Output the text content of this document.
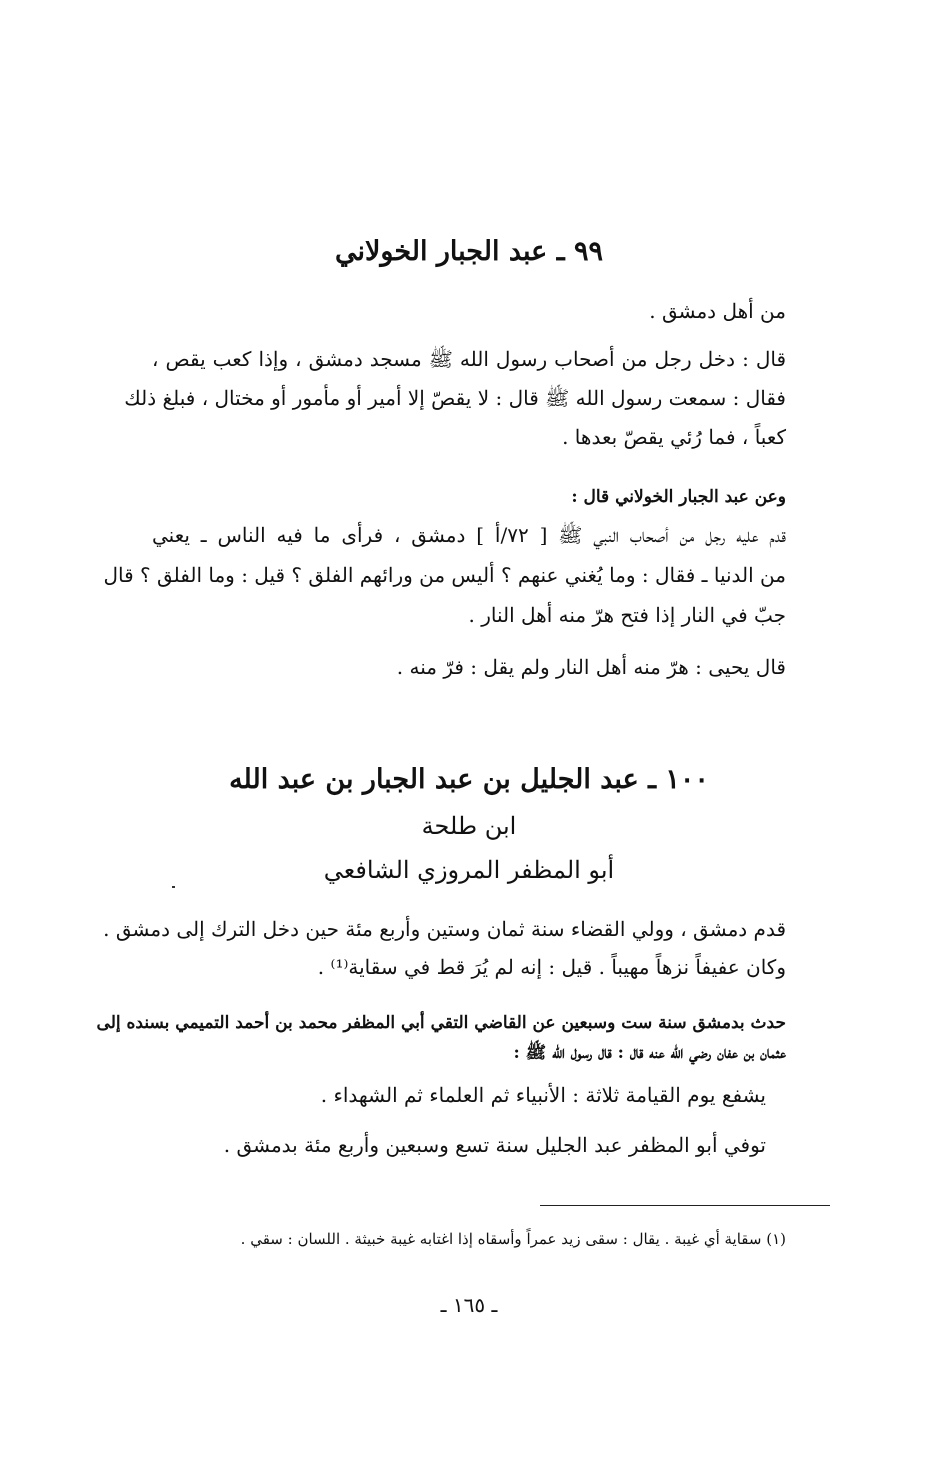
٩٩ ـ عبد الجبار الخولاني
من أهل دمشق .
قال : دخل رجل من أصحاب رسول الله ﷺ مسجد دمشق ، وإذا كعب يقص ،
فقال : سمعت رسول الله ﷺ قال : لا يقصّ إلا أمير أو مأمور أو مختال ، فبلغ ذلك
كعباً ، فما رُئي يقصّ بعدها .
وعن عبد الجبار الخولاني قال :
قدم عليه رجل من أصحاب النبي ﷺ [ ٧٢/أ ] دمشق ، فرأى ما فيه الناس ـ يعني
من الدنيا ـ فقال : وما يُغني عنهم ؟ أليس من ورائهم الفلق ؟ قيل : وما الفلق ؟ قال
جبّ في النار إذا فتح هرّ منه أهل النار .
قال يحيى : هرّ منه أهل النار ولم يقل : فرّ منه .
١٠٠ ـ عبد الجليل بن عبد الجبار بن عبد الله
ابن طلحة
أبو المظفر المروزي الشافعي
قدم دمشق ، وولي القضاء سنة ثمان وستين وأربع مئة حين دخل الترك إلى دمشق .
وكان عفيفاً نزهاً مهيباً . قيل : إنه لم يُرَ قط في سقاية⁽¹⁾ .
حدث بدمشق سنة ست وسبعين عن القاضي التقي أبي المظفر محمد بن أحمد التميمي بسنده إلى
عثمان بن عفان رضي الله عنه قال : قال رسول الله ﷺ :
يشفع يوم القيامة ثلاثة : الأنبياء ثم العلماء ثم الشهداء .
توفي أبو المظفر عبد الجليل سنة تسع وسبعين وأربع مئة بدمشق .
(١) سقاية أي غيبة . يقال : سقى زيد عمراً وأسقاه إذا اغتابه غيبة خبيثة . اللسان : سقي .
ـ ١٦٥ ـ
